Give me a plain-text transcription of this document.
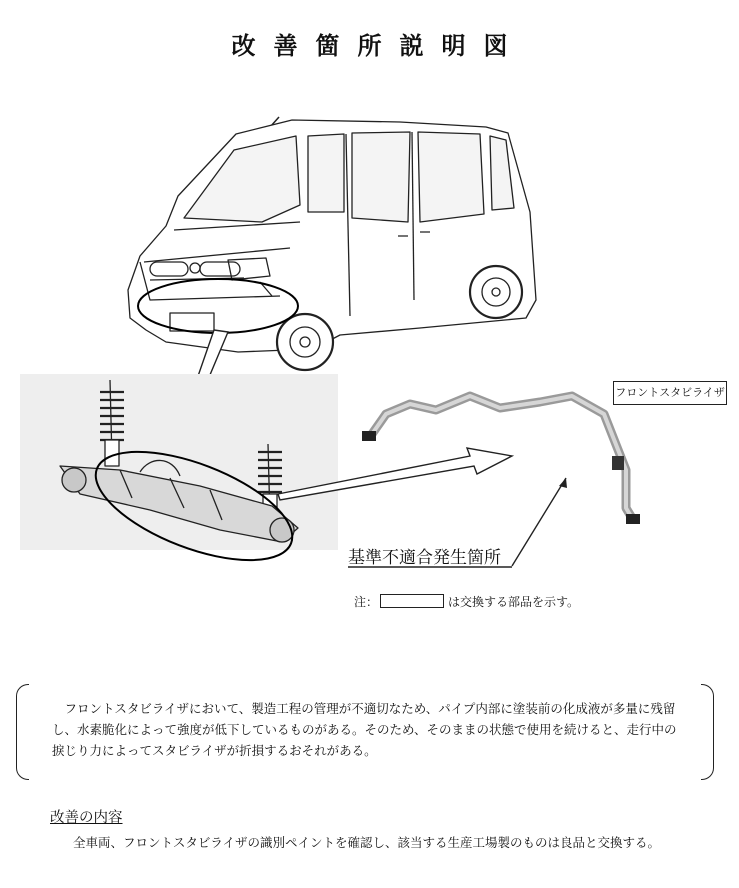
改善箇所説明図
フロントスタビライザ
基準不適合発生箇所
注：	は交換する部品を示す。

フロントスタビライザにおいて、製造工程の管理が不適切なため、パイプ内部に塗装前の化成液が多量に残留し、水素脆化によって強度が低下しているものがある。そのため、そのままの状態で使用を続けると、走行中の捩じり力によってスタビライザが折損するおそれがある。

改善の内容

全車両、フロントスタビライザの識別ペイントを確認し、該当する生産工場製のものは良品と交換する。
